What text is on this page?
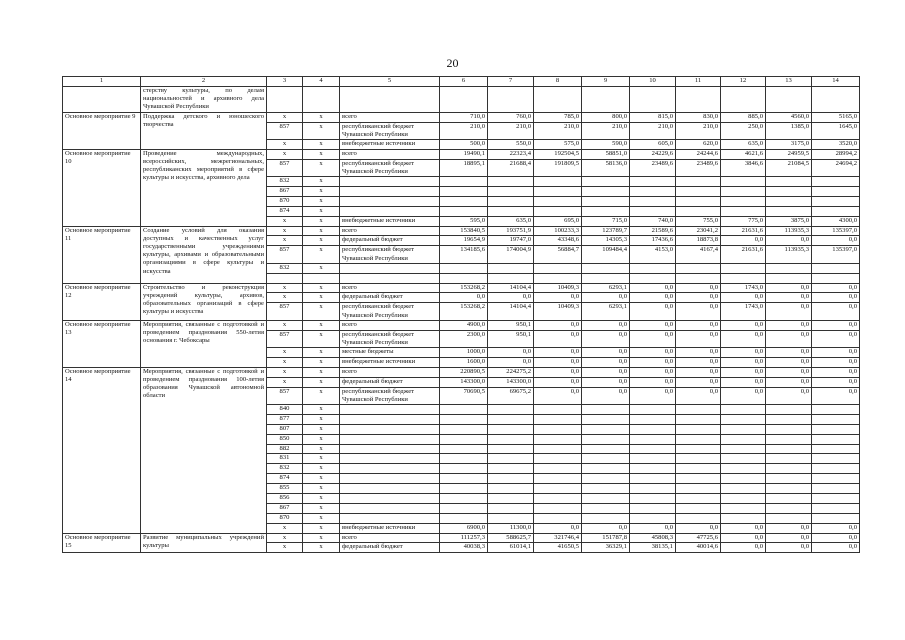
20
1	2	3	4	5	6	7	8	9	10	11	12	13	14
	стерству культуры, по делам национальностей и архивного дела Чувашской Республики												
Основное мероприятие 9	Поддержка детского и юношеского творчества	x	x	всего	710,0	760,0	785,0	800,0	815,0	830,0	885,0	4560,0	5165,0
		857	x	республиканский бюджет Чувашской Республики	210,0	210,0	210,0	210,0	210,0	210,0	250,0	1385,0	1645,0
		x	x	внебюджетные источники	500,0	550,0	575,0	590,0	605,0	620,0	635,0	3175,0	3520,0
Основное мероприятие 10	Проведение международных, всероссийских, межрегиональных, республиканских мероприятий в сфере культуры и искусства, архивного дела	x	x	всего	19490,1	22323,4	192504,5	58851,0	24229,6	24244,6	4621,6	24959,5	28994,2
		857	x	республиканский бюджет Чувашской Республики	18895,1	21688,4	191809,5	58136,0	23489,6	23489,6	3846,6	21084,5	24694,2
		832	x										
		867	x										
		870	x										
		874	x										
		x	x	внебюджетные источники	595,0	635,0	695,0	715,0	740,0	755,0	775,0	3875,0	4300,0
Основное мероприятие 11	Создание условий для оказания доступных и качественных услуг государственными учреждениями культуры, архивами и образовательными организациями в сфере культуры и искусства	x	x	всего	153840,5	193751,9	100233,3	123789,7	21589,6	23041,2	21631,6	113935,3	135397,0
		x	x	федеральный бюджет	19654,9	19747,0	43348,6	14305,3	17436,6	18873,8	0,0	0,0	0,0
		857	x	республиканский бюджет Чувашской Республики	134185,6	174004,9	56884,7	109484,4	4153,0	4167,4	21631,6	113935,3	135397,0
		832	x										

Основное мероприятие 12	Строительство и реконструкция учреждений культуры, архивов, образовательных организаций в сфере культуры и искусства	x	x	всего	153268,2	14104,4	10409,3	6293,1	0,0	0,0	1743,0	0,0	0,0
		x	x	федеральный бюджет	0,0	0,0	0,0	0,0	0,0	0,0	0,0	0,0	0,0
		857	x	республиканский бюджет Чувашской Республики	153268,2	14104,4	10409,3	6293,1	0,0	0,0	1743,0	0,0	0,0
Основное мероприятие 13	Мероприятия, связанные с подготовкой и проведением празднования 550-летия основания г. Чебоксары	x	x	всего	4900,0	950,1	0,0	0,0	0,0	0,0	0,0	0,0	0,0
		857	x	республиканский бюджет Чувашской Республики	2300,0	950,1	0,0	0,0	0,0	0,0	0,0	0,0	0,0
		x	x	местные бюджеты	1000,0	0,0	0,0	0,0	0,0	0,0	0,0	0,0	0,0
		x	x	внебюджетные источники	1600,0	0,0	0,0	0,0	0,0	0,0	0,0	0,0	0,0
Основное мероприятие 14	Мероприятия, связанные с подготовкой и проведением празднования 100-летия образования Чувашской автономной области	x	x	всего	220890,5	224275,2	0,0	0,0	0,0	0,0	0,0	0,0	0,0
		x	x	федеральный бюджет	143300,0	143300,0	0,0	0,0	0,0	0,0	0,0	0,0	0,0
		857	x	республиканский бюджет Чувашской Республики	70690,5	69675,2	0,0	0,0	0,0	0,0	0,0	0,0	0,0
		840	x										
		877	x										
		807	x										
		850	x										
		882	x										
		831	x										
		832	x										
		874	x										
		855	x										
		856	x										
		867	x										
		870	x										
		x	x	внебюджетные источники	6900,0	11300,0	0,0	0,0	0,0	0,0	0,0	0,0	0,0
Основное мероприятие 15	Развитие муниципальных учреждений культуры	x	x	всего	111257,3	588625,7	321746,4	151787,8	45808,3	47725,6	0,0	0,0	0,0
		x	x	федеральный бюджет	40038,3	61014,1	41650,5	36329,1	38135,1	40014,6	0,0	0,0	0,0
